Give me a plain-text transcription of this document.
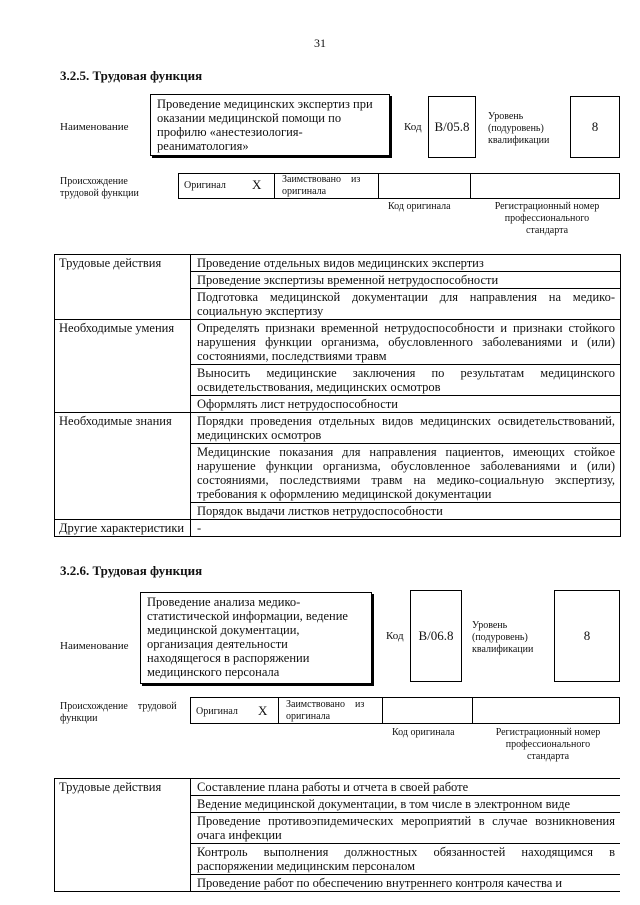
31
3.2.5. Трудовая функция
Наименование
Проведение медицинских экспертиз при
оказании медицинской помощи по
профилю «анестезиология-
реаниматология»
Код B/05.8
Уровень
(подуровень)
квалификации
8
Происхождение
трудовой функции
Оригинал X Заимствовано    из
оригинала
Код оригинала	Регистрационный номер
профессионального
стандарта
Трудовые действия	Проведение отдельных видов медицинских экспертиз
	Проведение экспертизы временной нетрудоспособности
	Подготовка медицинской документации для направления на медико-социальную экспертизу
Необходимые умения	Определять признаки временной нетрудоспособности и признаки стойкого нарушения функции организма, обусловленного заболеваниями и (или) состояниями, последствиями травм
	Выносить медицинские заключения по результатам медицинского освидетельствования, медицинских осмотров
	Оформлять лист нетрудоспособности
Необходимые знания	Порядки проведения отдельных видов медицинских освидетельствований, медицинских осмотров
	Медицинские показания для направления пациентов, имеющих стойкое нарушение функции организма, обусловленное заболеваниями и (или) состояниями, последствиями травм на медико-социальную экспертизу, требования к оформлению медицинской документации
	Порядок выдачи листков нетрудоспособности
Другие характеристики	-
3.2.6. Трудовая функция
Наименование
Проведение анализа медико-
статистической информации, ведение
медицинской документации,
организация деятельности
находящегося в распоряжении
медицинского персонала
Код B/06.8
Уровень
(подуровень)
квалификации
8
Происхождение    трудовой
функции
Оригинал X Заимствовано    из
оригинала
Код оригинала	Регистрационный номер
профессионального
стандарта
Трудовые действия	Составление плана работы и отчета в своей работе
Ведение медицинской документации, в том числе в электронном виде
Проведение противоэпидемических мероприятий в случае возникновения очага инфекции
Контроль выполнения должностных обязанностей находящимся в распоряжении медицинским персоналом
Проведение работ по обеспечению внутреннего контроля качества и
